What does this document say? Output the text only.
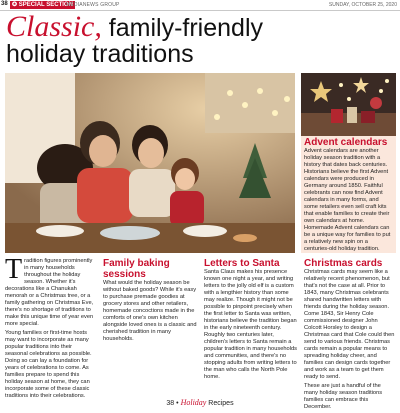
38 ✪ SPECIAL SECTION
MEDIANEWS GROUP	SUNDAY, OCTOBER 25, 2020
Classic, family-friendly holiday traditions
Advent calendars

Advent calendars are another holiday season tradition with a history that dates back centuries. Historians believe the first Advent calendars were produced in Germany around 1850. Faithful celebrants can now find Advent calendars in many forms, and some retailers even sell craft kits that enable families to create their own calendars at home. Homemade Advent calendars can be a unique way for families to put a relatively new spin on a centuries-old holiday tradition.

T radition figures prominently in many households throughout the holiday season. Whether it's decorations like a Chanukah menorah or a Christmas tree, or a family gathering on Christmas Eve, there's no shortage of traditions to make this unique time of year even more special.

Young families or first-time hosts may want to incorporate as many popular traditions into their seasonal celebrations as possible. Doing so can lay a foundation for years of celebrations to come. As families prepare to spend this holiday season at home, they can incorporate some of these classic traditions into their celebrations.

Family baking sessions

What would the holiday season be without baked goods? While it's easy to purchase premade goodies at grocery stores and other retailers, homemade concoctions made in the comforts of one's own kitchen alongside loved ones is a classic and cherished tradition in many households.

Letters to Santa

Santa Claus makes his presence known one night a year, and writing letters to the jolly old elf is a custom with a lengthier history than some may realize. Though it might not be possible to pinpoint precisely when the first letter to Santa was written, historians believe the tradition began in the early nineteenth century. Roughly two centuries later, children's letters to Santa remain a popular tradition in many households and communities, and there's no stopping adults from writing letters to the man who calls the North Pole home.

Christmas cards

Christmas cards may seem like a relatively recent phenomenon, but that's not the case at all. Prior to 1843, many Christmas celebrants shared handwritten letters with friends during the holiday season. Come 1843, Sir Henry Cole commissioned designer John Colcott Horsley to design a Christmas card that Cole could then send to various friends. Christmas cards remain a popular means to spreading holiday cheer, and families can design cards together and work as a team to get them ready to send.

These are just a handful of the many holiday season traditions families can embrace this December.

38 • Holiday Recipes
